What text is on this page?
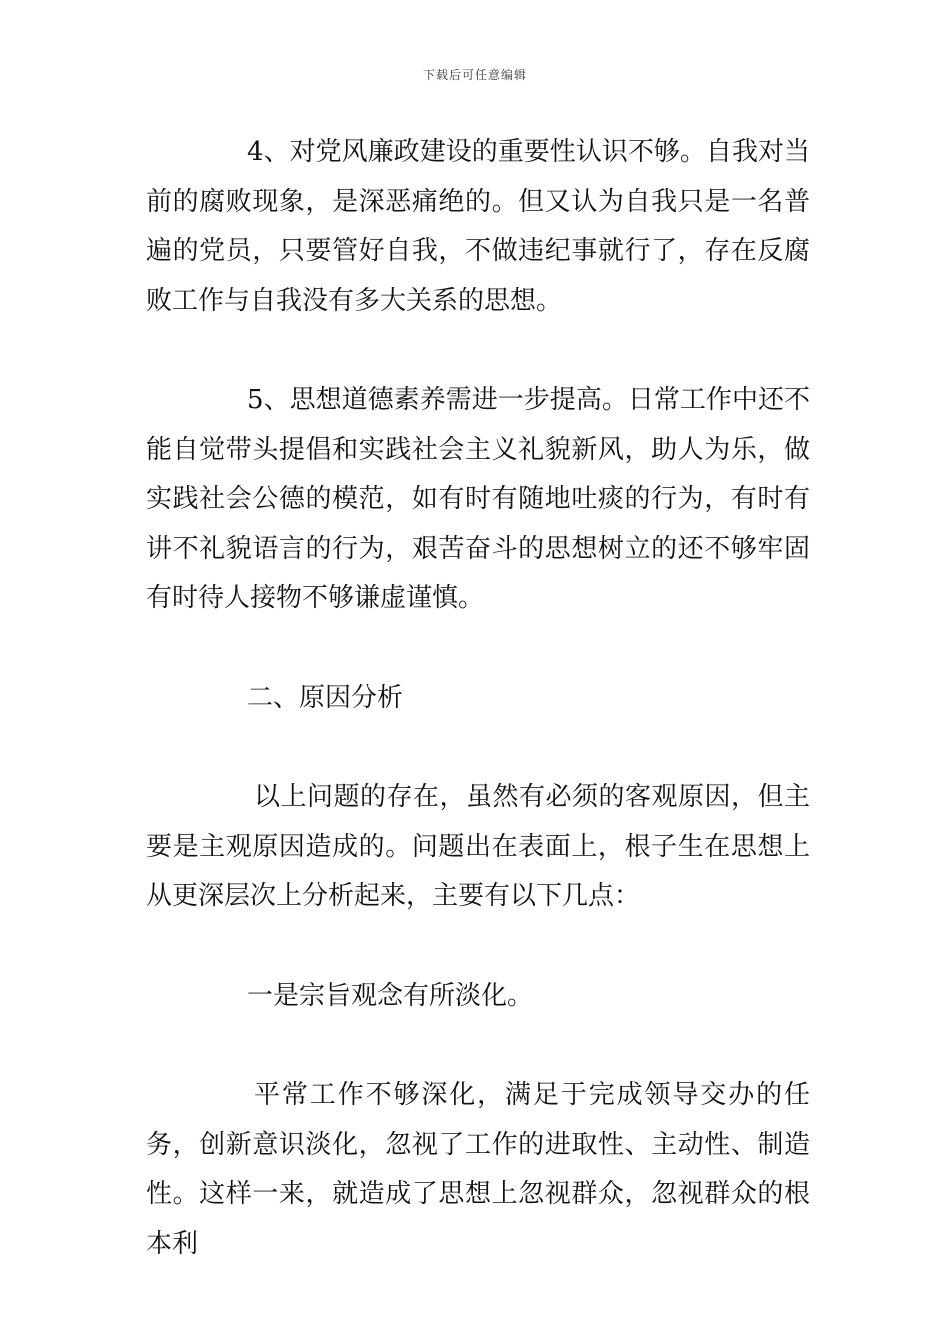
下载后可任意编辑

4、对党风廉政建设的重要性认识不够。自我对当前的腐败现象，是深恶痛绝的。但又认为自我只是一名普遍的党员，只要管好自我，不做违纪事就行了，存在反腐败工作与自我没有多大关系的思想。

5、思想道德素养需进一步提高。日常工作中还不能自觉带头提倡和实践社会主义礼貌新风，助人为乐，做实践社会公德的模范，如有时有随地吐痰的行为，有时有讲不礼貌语言的行为，艰苦奋斗的思想树立的还不够牢固有时待人接物不够谦虚谨慎。

二、原因分析

以上问题的存在，虽然有必须的客观原因，但主要是主观原因造成的。问题出在表面上，根子生在思想上从更深层次上分析起来，主要有以下几点：

一是宗旨观念有所淡化。

平常工作不够深化，满足于完成领导交办的任务，创新意识淡化，忽视了工作的进取性、主动性、制造性。这样一来，就造成了思想上忽视群众，忽视群众的根本利
